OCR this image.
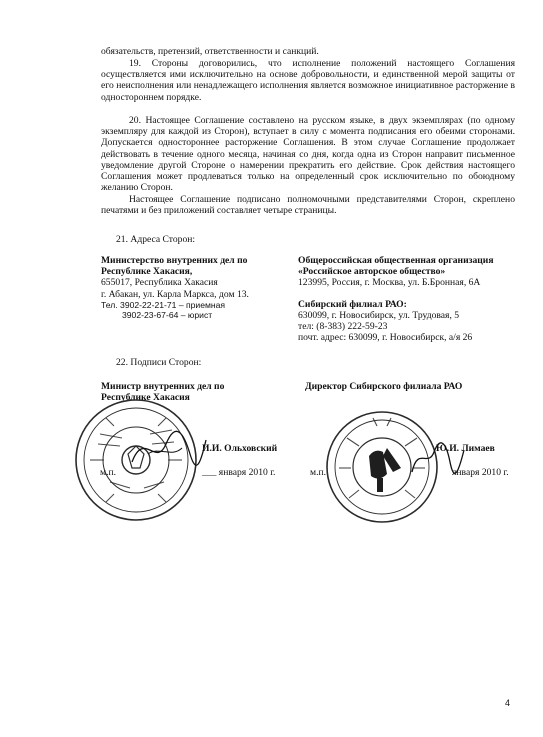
обязательств, претензий, ответственности и санкций.
19. Стороны договорились, что исполнение положений настоящего Соглашения осуществляется ими исключительно на основе добровольности, и единственной мерой защиты от его неисполнения или ненадлежащего исполнения является возможное инициативное расторжение в одностороннем порядке.
20. Настоящее Соглашение составлено на русском языке, в двух экземплярах (по одному экземпляру для каждой из Сторон), вступает в силу с момента подписания его обеими сторонами. Допускается одностороннее расторжение Соглашения. В этом случае Соглашение продолжает действовать в течение одного месяца, начиная со дня, когда одна из Сторон направит письменное уведомление другой Стороне о намерении прекратить его действие. Срок действия настоящего Соглашения может продлеваться только на определенный срок исключительно по обоюдному желанию Сторон.
Настоящее Соглашение подписано полномочными представителями Сторон, скреплено печатями и без приложений составляет четыре страницы.
21. Адреса Сторон:
Министерство внутренних дел по
Республике Хакасия,
655017, Республика Хакасия
г. Абакан, ул. Карла Маркса, дом 13.
Тел. 3902-22-21-71 – приемная
3902-23-67-64 – юрист
Общероссийская общественная организация
«Российское авторское общество»
123995, Россия, г. Москва, ул. Б.Бронная, 6А
Сибирский филиал РАО:
630099, г. Новосибирск, ул. Трудовая, 5
тел: (8-383) 222-59-23
почт. адрес: 630099, г. Новосибирск, а/я 26
22. Подписи Сторон:
Министр внутренних дел по
Республике Хакасия
Директор Сибирского филиала РАО
И.И. Ольховский
м.п.	___ января 2010 г.
Ю.И. Лимаев
м.п.	января 2010 г.
4
